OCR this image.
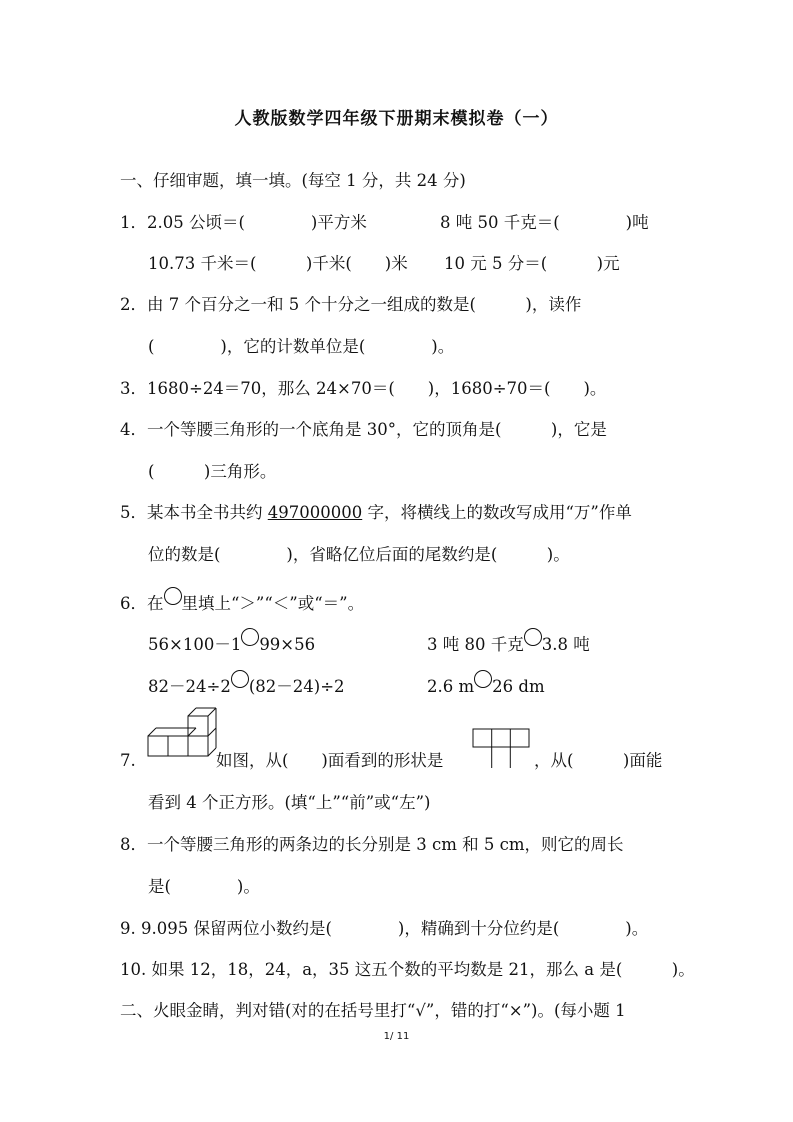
人教版数学四年级下册期末模拟卷（一）
一、仔细审题，填一填。(每空 1 分，共 24 分)
1．2.05 公顷＝(　　　　)平方米	8 吨 50 千克＝(　　　　)吨
10.73 千米＝(　　　)千米(　　)米 10 元 5 分＝(　　　)元
2．由 7 个百分之一和 5 个十分之一组成的数是(　　　)，读作
(　　　　)，它的计数单位是(　　　　)。
3．1680÷24＝70，那么 24×70＝(　　)，1680÷70＝(　　)。
4．一个等腰三角形的一个底角是 30°，它的顶角是(　　　)，它是
(　　　)三角形。
5．某本书全书共约 497000000 字，将横线上的数改写成用“万”作单
位的数是(　　　　)，省略亿位后面的尾数约是(　　　)。
6．在 里填上“＞”“＜”或“＝”。
56×100－1 99×56	3 吨 80 千克 3.8 吨
82－24÷2 (82－24)÷2	2.6 m 26 dm
7.	如图，从(　　)面看到的形状是	，从(　　　)面能
看到 4 个正方形。(填“上”“前”或“左”)
8．一个等腰三角形的两条边的长分别是 3 cm 和 5 cm，则它的周长
是(　　　　)。
9. 9.095 保留两位小数约是(　　　　)，精确到十分位约是(　　　　)。
10. 如果 12，18，24，a，35 这五个数的平均数是 21，那么 a 是(　　　)。
二、火眼金睛，判对错(对的在括号里打“√”，错的打“×”)。(每小题 1
1/ 11
